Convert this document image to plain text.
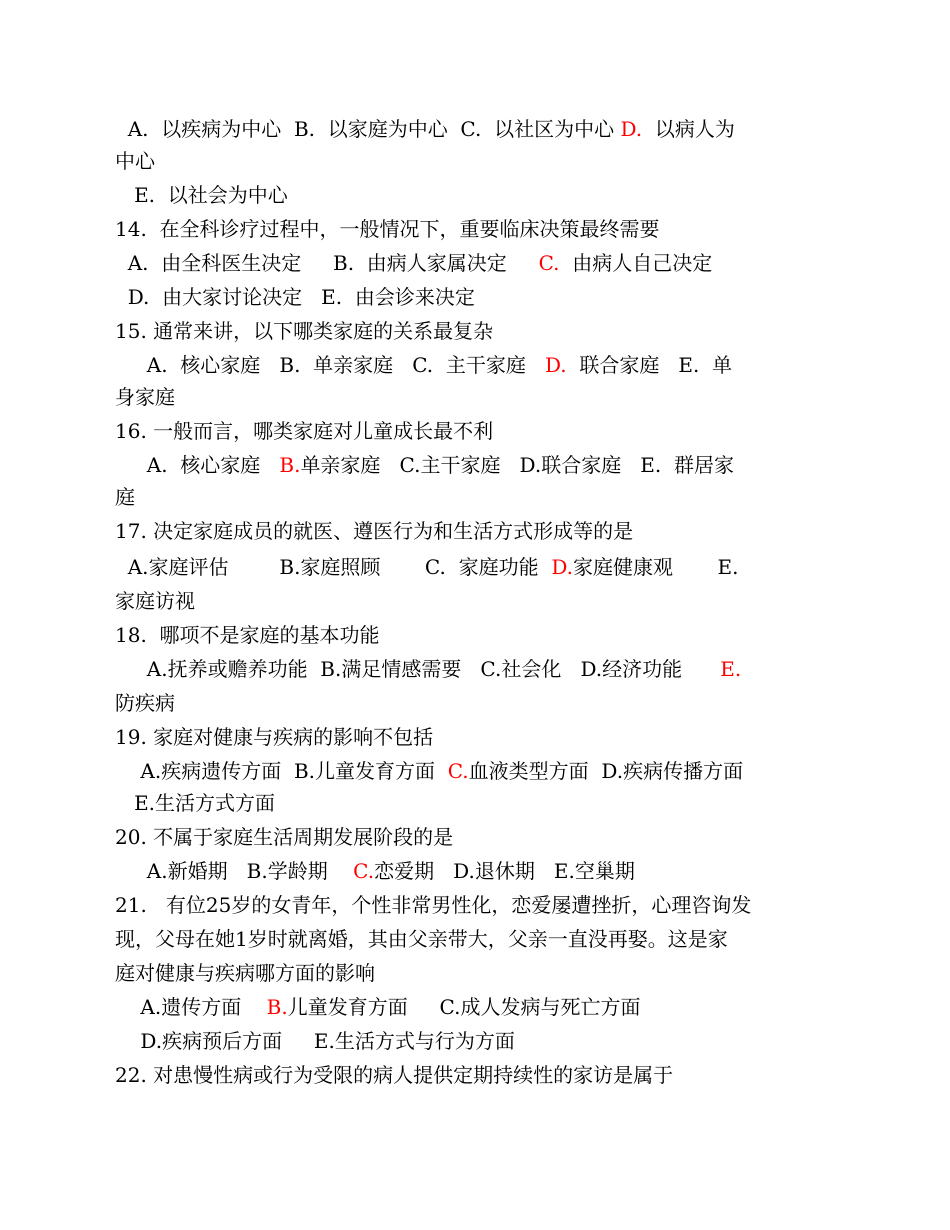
A.  以疾病为中心  B.  以家庭为中心  C.  以社区为中心 D.  以病人为
中心
E.  以社会为中心
14.  在全科诊疗过程中，一般情况下，重要临床决策最终需要
A.  由全科医生决定     B.  由病人家属决定     C.  由病人自己决定
D.  由大家讨论决定   E.  由会诊来决定
15. 通常来讲，以下哪类家庭的关系最复杂
A.  核心家庭   B.  单亲家庭   C.  主干家庭   D.  联合家庭   E.  单
身家庭
16. 一般而言，哪类家庭对儿童成长最不利
A.  核心家庭   B.单亲家庭   C.主干家庭   D.联合家庭   E.  群居家
庭
17. 决定家庭成员的就医、遵医行为和生活方式形成等的是
A.家庭评估        B.家庭照顾       C.  家庭功能  D.家庭健康观       E.
家庭访视
18.  哪项不是家庭的基本功能
A.抚养或赡养功能  B.满足情感需要   C.社会化   D.经济功能      E.
防疾病
19. 家庭对健康与疾病的影响不包括
A.疾病遗传方面  B.儿童发育方面  C.血液类型方面  D.疾病传播方面
E.生活方式方面
20. 不属于家庭生活周期发展阶段的是
A.新婚期   B.学龄期    C.恋爱期   D.退休期   E.空巢期
21.   有位25岁的女青年，个性非常男性化，恋爱屡遭挫折，心理咨询发
现，父母在她1岁时就离婚，其由父亲带大，父亲一直没再娶。这是家
庭对健康与疾病哪方面的影响
A.遗传方面    B.儿童发育方面     C.成人发病与死亡方面
D.疾病预后方面     E.生活方式与行为方面
22. 对患慢性病或行为受限的病人提供定期持续性的家访是属于
